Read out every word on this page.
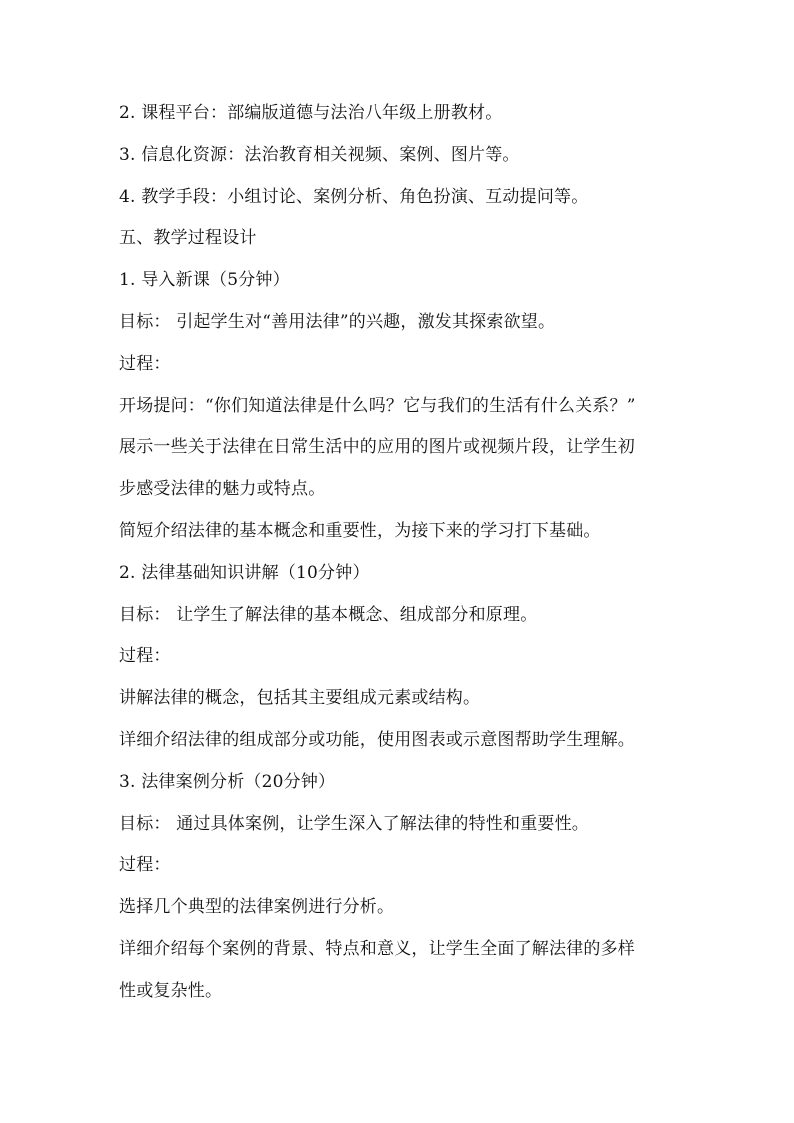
2. 课程平台：部编版道德与法治八年级上册教材。
3. 信息化资源：法治教育相关视频、案例、图片等。
4. 教学手段：小组讨论、案例分析、角色扮演、互动提问等。
五、教学过程设计
1. 导入新课（5分钟）
目标： 引起学生对“善用法律”的兴趣，激发其探索欲望。
过程：
开场提问：“你们知道法律是什么吗？它与我们的生活有什么关系？”
展示一些关于法律在日常生活中的应用的图片或视频片段，让学生初
步感受法律的魅力或特点。
简短介绍法律的基本概念和重要性，为接下来的学习打下基础。
2. 法律基础知识讲解（10分钟）
目标： 让学生了解法律的基本概念、组成部分和原理。
过程：
讲解法律的概念，包括其主要组成元素或结构。
详细介绍法律的组成部分或功能，使用图表或示意图帮助学生理解。
3. 法律案例分析（20分钟）
目标： 通过具体案例，让学生深入了解法律的特性和重要性。
过程：
选择几个典型的法律案例进行分析。
详细介绍每个案例的背景、特点和意义，让学生全面了解法律的多样
性或复杂性。
